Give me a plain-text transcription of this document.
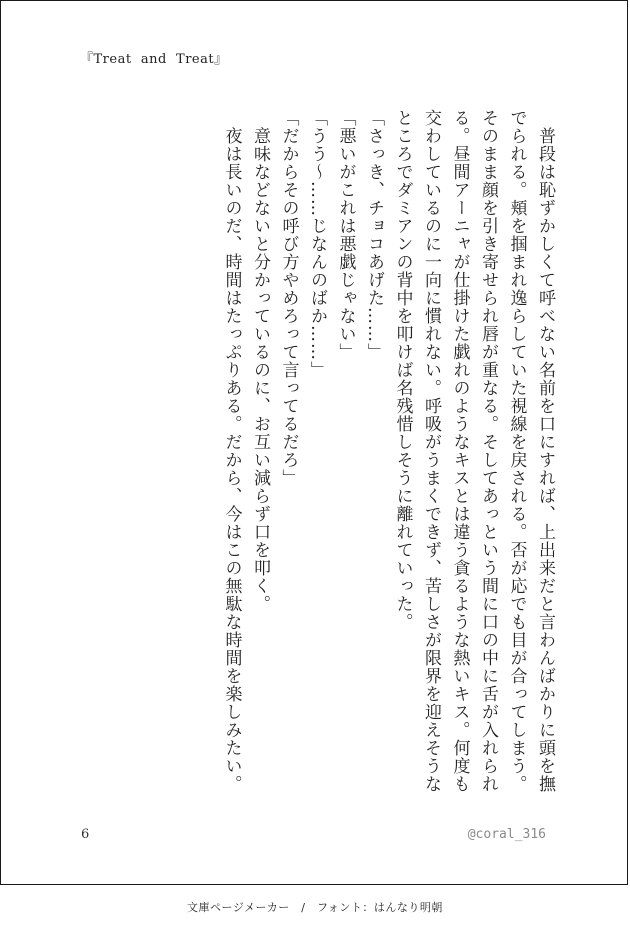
『Treat  and  Treat』

　普段は恥ずかしくて呼べない名前を口にすれば、上出来だと言わんばかりに頭を撫でられる。頬を掴まれ逸らしていた視線を戻される。否が応でも目が合ってしまう。そのまま顔を引き寄せられ唇が重なる。そしてあっという間に口の中に舌が入れられる。昼間アーニャが仕掛けた戯れのようなキスとは違う貪るような熱いキス。何度も交わしているのに一向に慣れない。呼吸がうまくできず、苦しさが限界を迎えそうなところでダミアンの背中を叩けば名残惜しそうに離れていった。

「さっき、チョコあげた……」

「悪いがこれは悪戯じゃない」

「うう〜……じなんのばか……」

「だからその呼び方やめろって言ってるだろ」

　意味などないと分かっているのに、お互い減らず口を叩く。

　夜は長いのだ、時間はたっぷりある。だから、今はこの無駄な時間を楽しみたい。

6	@coral_316
文庫ページメーカー　/　フォント：はんなり明朝
